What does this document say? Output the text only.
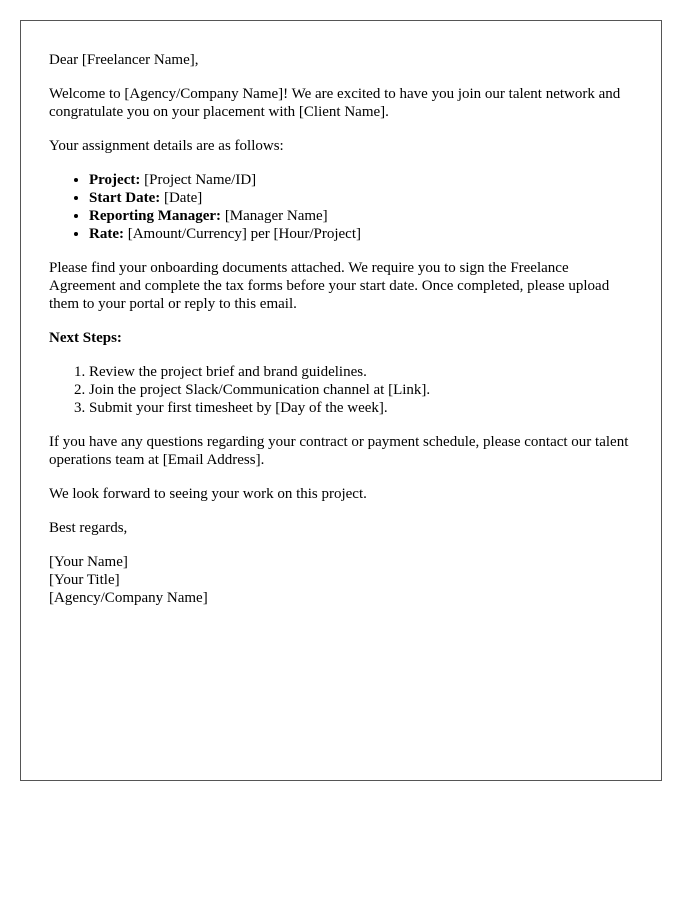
Dear [Freelancer Name],

Welcome to [Agency/Company Name]! We are excited to have you join our talent network and congratulate you on your placement with [Client Name].

Your assignment details are as follows:

• Project: [Project Name/ID]
• Start Date: [Date]
• Reporting Manager: [Manager Name]
• Rate: [Amount/Currency] per [Hour/Project]

Please find your onboarding documents attached. We require you to sign the Freelance Agreement and complete the tax forms before your start date. Once completed, please upload them to your portal or reply to this email.

Next Steps:

1. Review the project brief and brand guidelines.
2. Join the project Slack/Communication channel at [Link].
3. Submit your first timesheet by [Day of the week].

If you have any questions regarding your contract or payment schedule, please contact our talent operations team at [Email Address].

We look forward to seeing your work on this project.

Best regards,

[Your Name]
[Your Title]
[Agency/Company Name]
